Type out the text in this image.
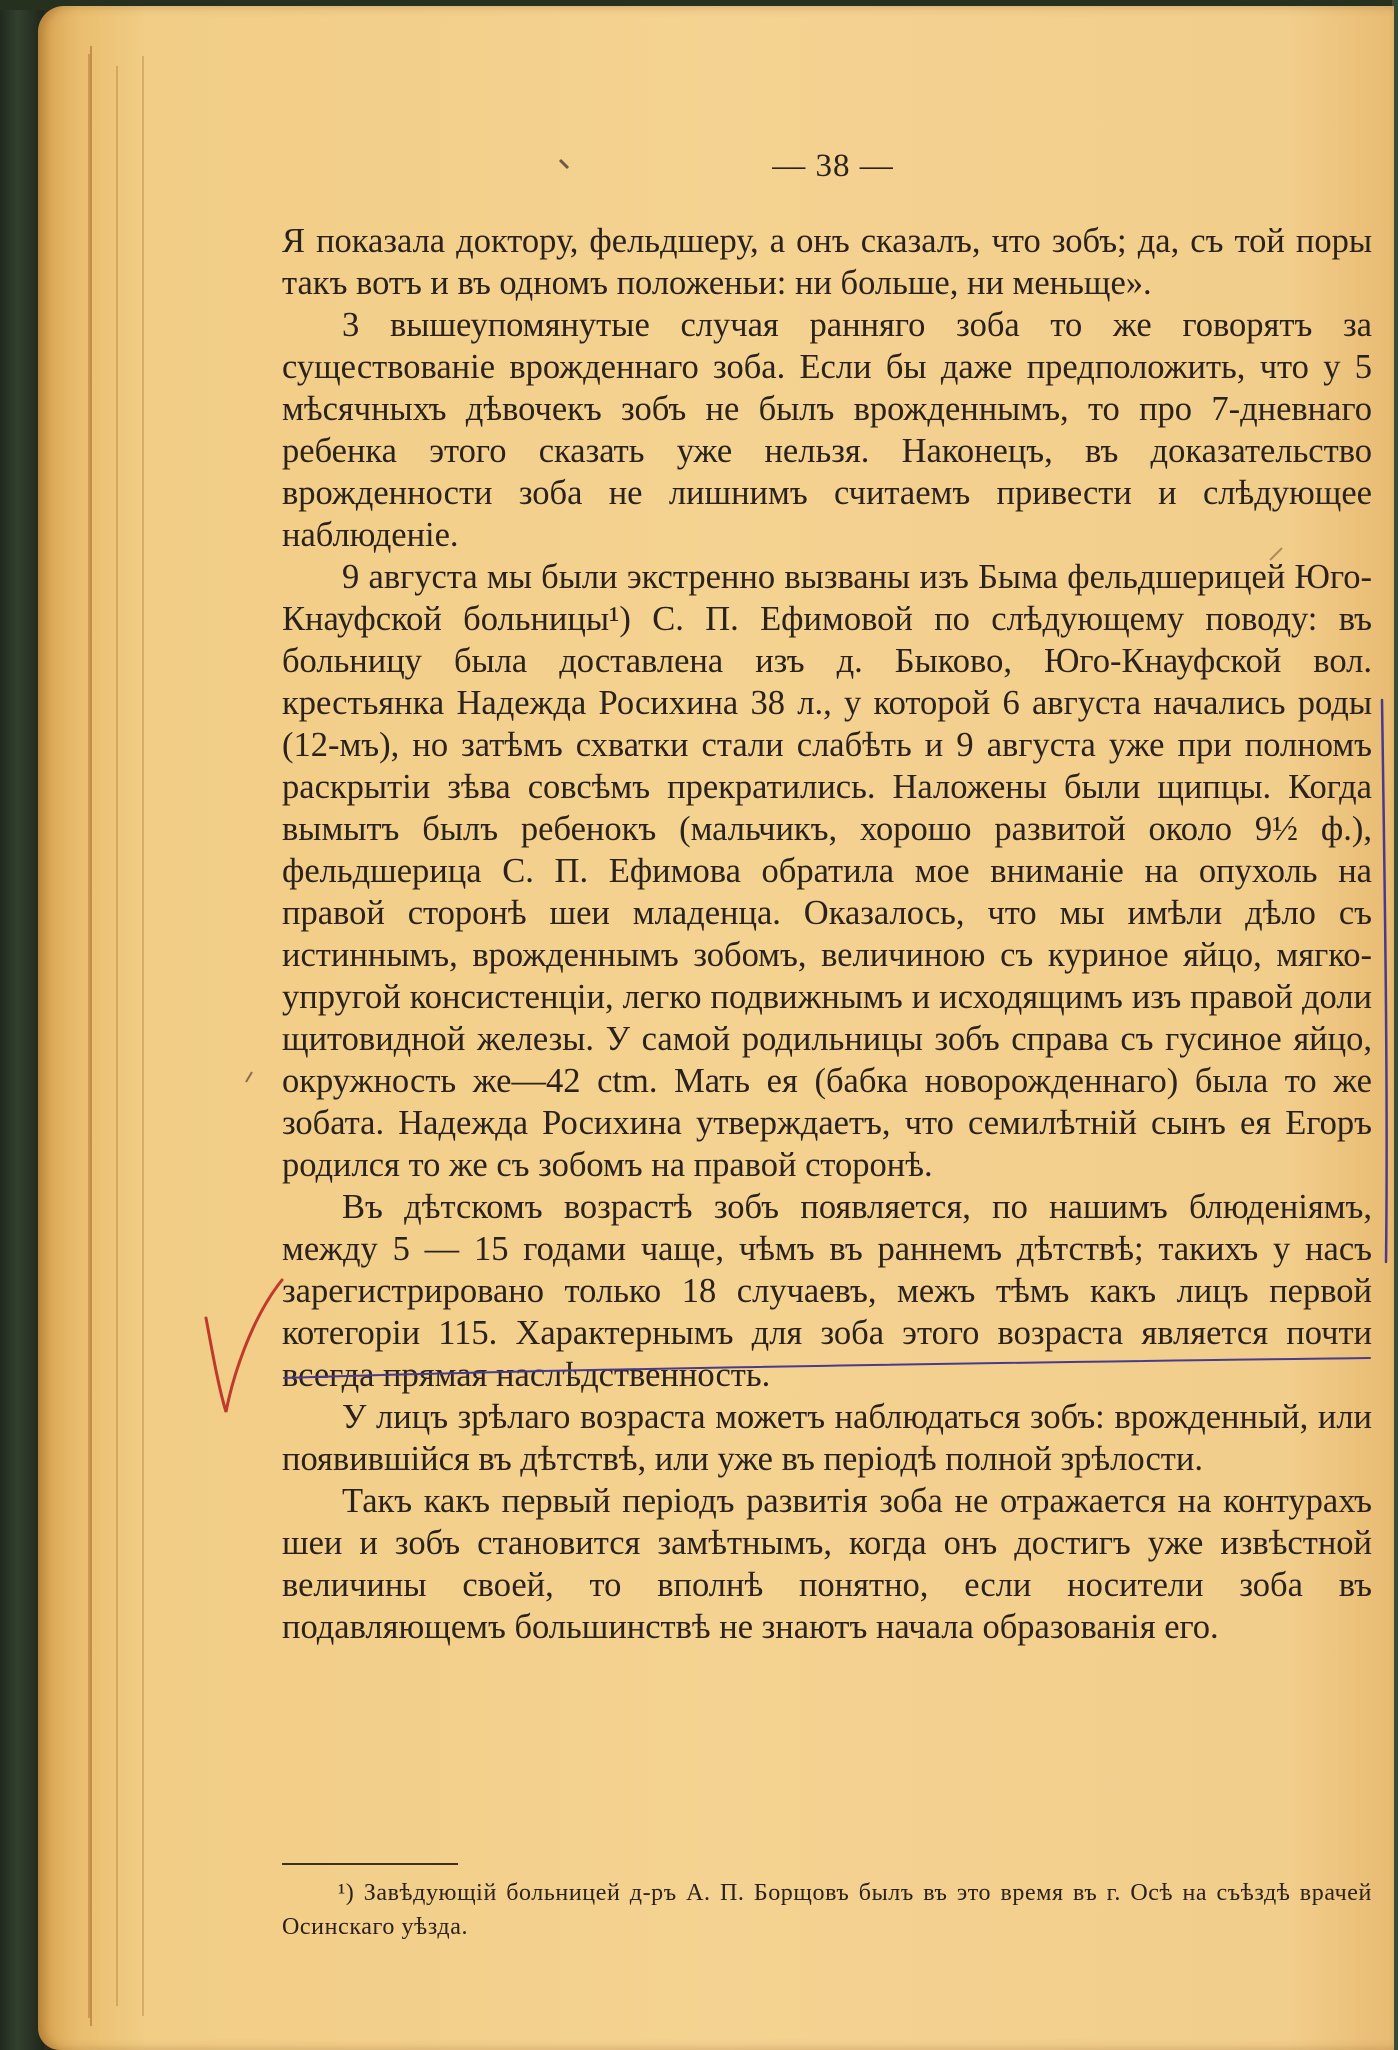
— 38 —

Я показала доктору, фельдшеру, а онъ сказалъ, что зобъ; да, съ той поры такъ вотъ и въ одномъ положеньи: ни больше, ни меньще».

3 вышеупомянутые случая ранняго зоба то же говорятъ за существованіе врожденнаго зоба. Если бы даже предположить, что у 5 мѣсячныхъ дѣвочекъ зобъ не былъ врожденнымъ, то про 7-дневнаго ребенка этого сказать уже нельзя. Наконецъ, въ доказательство врожденности зоба не лишнимъ считаемъ привести и слѣдующее наблюденіе.

9 августа мы были экстренно вызваны изъ Быма фельдшерицей Юго-Кнауфской больницы¹) С. П. Ефимовой по слѣдующему поводу: въ больницу была доставлена изъ д. Быково, Юго-Кнауфской вол. крестьянка Надежда Росихина 38 л., у которой 6 августа начались роды (12-мъ), но затѣмъ схватки стали слабѣть и 9 августа уже при полномъ раскрытіи зѣва совсѣмъ прекратились. Наложены были щипцы. Когда вымытъ былъ ребенокъ (мальчикъ, хорошо развитой около 9½ ф.), фельдшерица С. П. Ефимова обратила мое вниманіе на опухоль на правой сторонѣ шеи младенца. Оказалось, что мы имѣли дѣло съ истиннымъ, врожденнымъ зобомъ, величиною съ куриное яйцо, мягко-упругой консистенціи, легко подвижнымъ и исходящимъ изъ правой доли щитовидной железы. У самой родильницы зобъ справа съ гусиное яйцо, окружность же—42 ctm. Мать ея (бабка новорожденнаго) была то же зобата. Надежда Росихина утверждаетъ, что семилѣтній сынъ ея Егоръ родился то же съ зобомъ на правой сторонѣ.

Въ дѣтскомъ возрастѣ зобъ появляется, по нашимъ блюденіямъ, между 5 — 15 годами чаще, чѣмъ въ раннемъ дѣтствѣ; такихъ у насъ зарегистрировано только 18 случаевъ, межъ тѣмъ какъ лицъ первой котегоріи 115. Характернымъ для зоба этого возраста является почти всегда прямая наслѣдственность.

У лицъ зрѣлаго возраста можетъ наблюдаться зобъ: врожденный, или появившійся въ дѣтствѣ, или уже въ періодѣ полной зрѣлости.

Такъ какъ первый періодъ развитія зоба не отражается на контурахъ шеи и зобъ становится замѣтнымъ, когда онъ достигъ уже извѣстной величины своей, то вполнѣ понятно, если носители зоба въ подавляющемъ большинствѣ не знаютъ начала образованія его.

¹) Завѣдующій больницей д-ръ А. П. Борщовъ былъ въ это время въ г. Осѣ на съѣздѣ врачей Осинскаго уѣзда.
